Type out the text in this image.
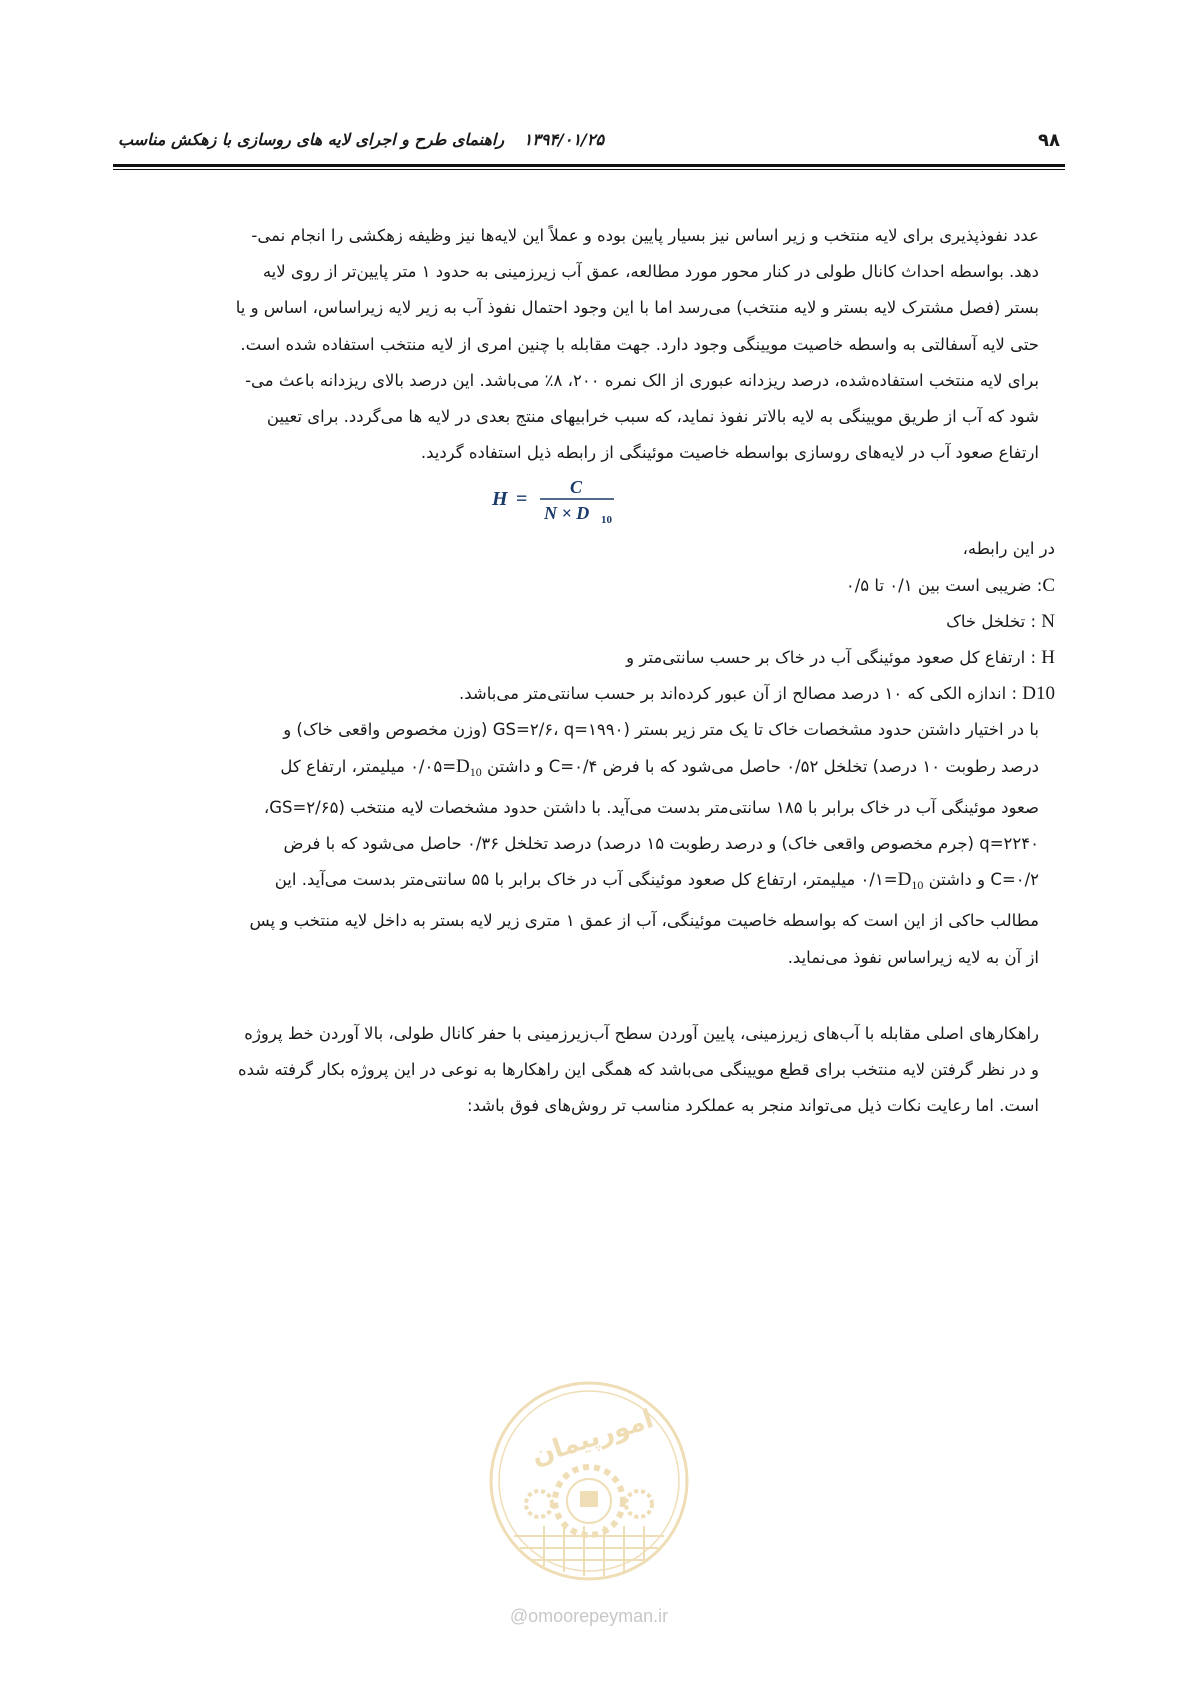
۹۸
۱۳۹۴/۰۱/۲۵ راهنمای طرح و اجرای لایه های روسازی با زهکش مناسب

عدد نفوذپذیری برای لایه منتخب و زیر اساس نیز بسیار پایین بوده و عملاً این لایه‌ها نیز وظیفه زهکشی را انجام نمی-

دهد. بواسطه احداث کانال طولی در کنار محور مورد مطالعه، عمق آب زیرزمینی به حدود ۱ متر پایین‌تر از روی لایه

بستر (فصل مشترک لایه بستر و لایه منتخب) می‌رسد اما با این وجود احتمال نفوذ آب به زیر لایه زیراساس، اساس و یا

حتی لایه آسفالتی به واسطه خاصیت مویینگی وجود دارد. جهت مقابله با چنین امری از لایه منتخب استفاده شده است.

برای لایه منتخب استفاده‌شده، درصد ریزدانه عبوری از الک نمره ۲۰۰، ۸٪ می‌باشد. این درصد بالای ریزدانه باعث می-

شود که آب از طریق مویینگی به لایه بالاتر نفوذ نماید، که سبب خرابیهای منتج بعدی در لایه ها می‌گردد. برای تعیین

ارتفاع صعود آب در لایه‌های روسازی بواسطه خاصیت موئینگی از رابطه ذیل استفاده گردید.

H =
C
N × D 10

در این رابطه،

C: ضریبی است بین ۰/۱ تا ۰/۵

N : تخلخل خاک

H : ارتفاع کل صعود موئینگی آب در خاک بر حسب سانتی‌متر و

D10 : اندازه الکی که ۱۰ درصد مصالح از آن عبور کرده‌اند بر حسب سانتی‌متر می‌باشد.

با در اختیار داشتن حدود مشخصات خاک تا یک متر زیر بستر (GS=۲/۶، q=۱۹۹۰ (وزن مخصوص واقعی خاک) و

درصد رطوبت ۱۰ درصد) تخلخل ۰/۵۲ حاصل می‌شود که با فرض C=۰/۴ و داشتن $D_{10}=۰/۰۵$ میلیمتر، ارتفاع کل

صعود موئینگی آب در خاک برابر با ۱۸۵ سانتی‌متر بدست می‌آید. با داشتن حدود مشخصات لایه منتخب (GS=۲/۶۵،

q=۲۲۴۰ (جرم مخصوص واقعی خاک) و درصد رطوبت ۱۵ درصد) درصد تخلخل ۰/۳۶ حاصل می‌شود که با فرض

C=۰/۲ و داشتن $D_{10}=۰/۱$ میلیمتر، ارتفاع کل صعود موئینگی آب در خاک برابر با ۵۵ سانتی‌متر بدست می‌آید. این

مطالب حاکی از این است که بواسطه خاصیت موئینگی، آب از عمق ۱ متری زیر لایه بستر به داخل لایه منتخب و پس

از آن به لایه زیراساس نفوذ می‌نماید.

راهکارهای اصلی مقابله با آب‌های زیرزمینی، پایین آوردن سطح آب‌زیرزمینی با حفر کانال طولی، بالا آوردن خط پروژه

و در نظر گرفتن لایه منتخب برای قطع مویینگی می‌باشد که همگی این راهکارها به نوعی در این پروژه بکار گرفته شده

است. اما رعایت نکات ذیل می‌تواند منجر به عملکرد مناسب تر روش‌های فوق باشد:

امورپیمان
@omoorepeyman.ir
